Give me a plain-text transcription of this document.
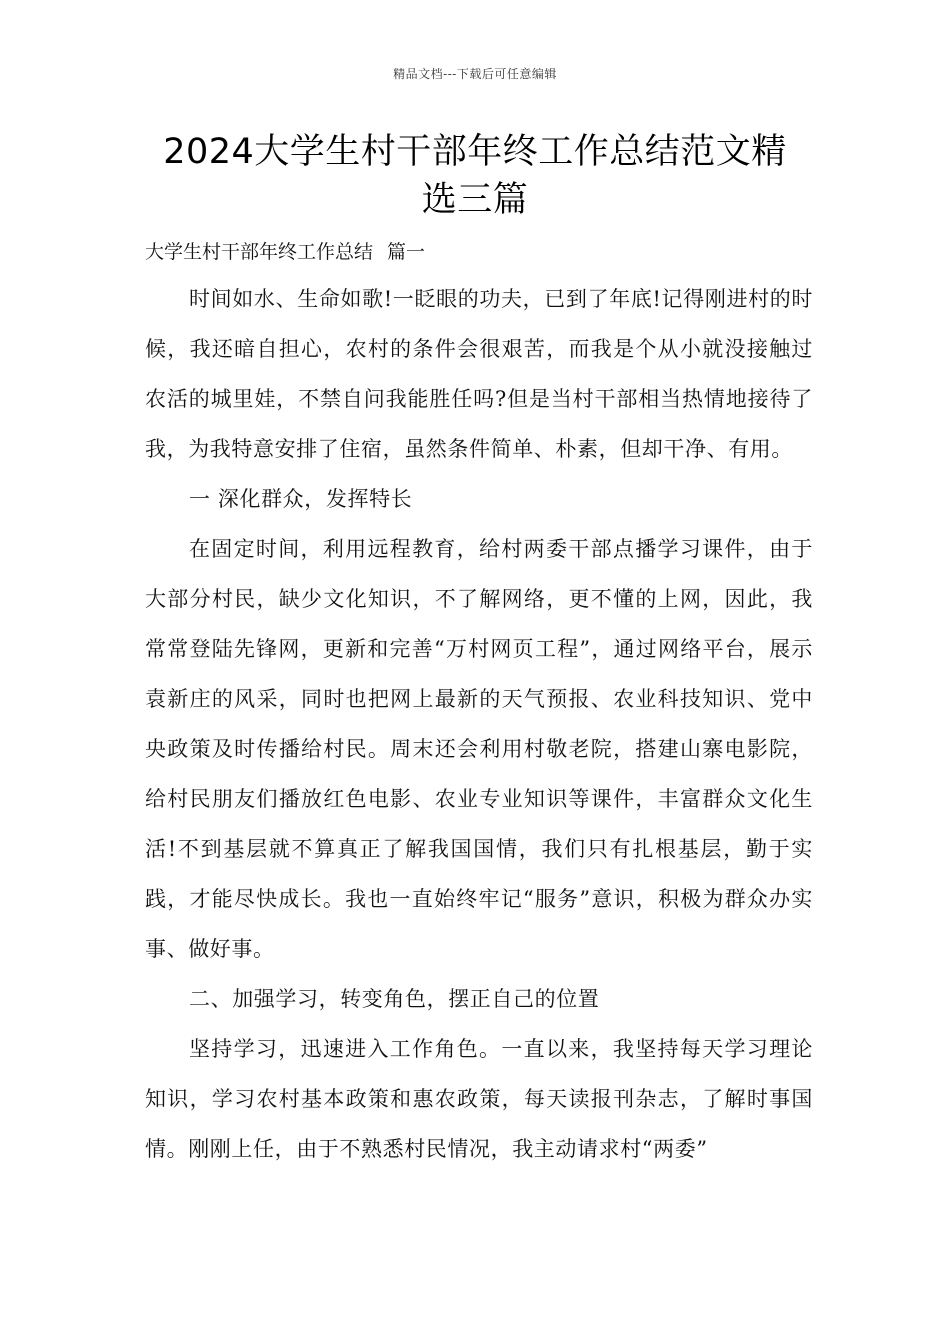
精品文档---下载后可任意编辑
2024大学生村干部年终工作总结范文精
选三篇
大学生村干部年终工作总结 篇一

时间如水、生命如歌!一眨眼的功夫，已到了年底!记得刚进村的时候，我还暗自担心，农村的条件会很艰苦，而我是个从小就没接触过农活的城里娃，不禁自问我能胜任吗?但是当村干部相当热情地接待了我，为我特意安排了住宿，虽然条件简单、朴素，但却干净、有用。

一 深化群众，发挥特长

在固定时间，利用远程教育，给村两委干部点播学习课件，由于大部分村民，缺少文化知识，不了解网络，更不懂的上网，因此，我常常登陆先锋网，更新和完善“万村网页工程”，通过网络平台，展示袁新庄的风采，同时也把网上最新的天气预报、农业科技知识、党中央政策及时传播给村民。周末还会利用村敬老院，搭建山寨电影院，给村民朋友们播放红色电影、农业专业知识等课件，丰富群众文化生活!不到基层就不算真正了解我国国情，我们只有扎根基层，勤于实践，才能尽快成长。我也一直始终牢记“服务”意识，积极为群众办实事、做好事。

二、加强学习，转变角色，摆正自己的位置

坚持学习，迅速进入工作角色。一直以来，我坚持每天学习理论知识，学习农村基本政策和惠农政策，每天读报刊杂志，了解时事国情。刚刚上任，由于不熟悉村民情况，我主动请求村“两委”
